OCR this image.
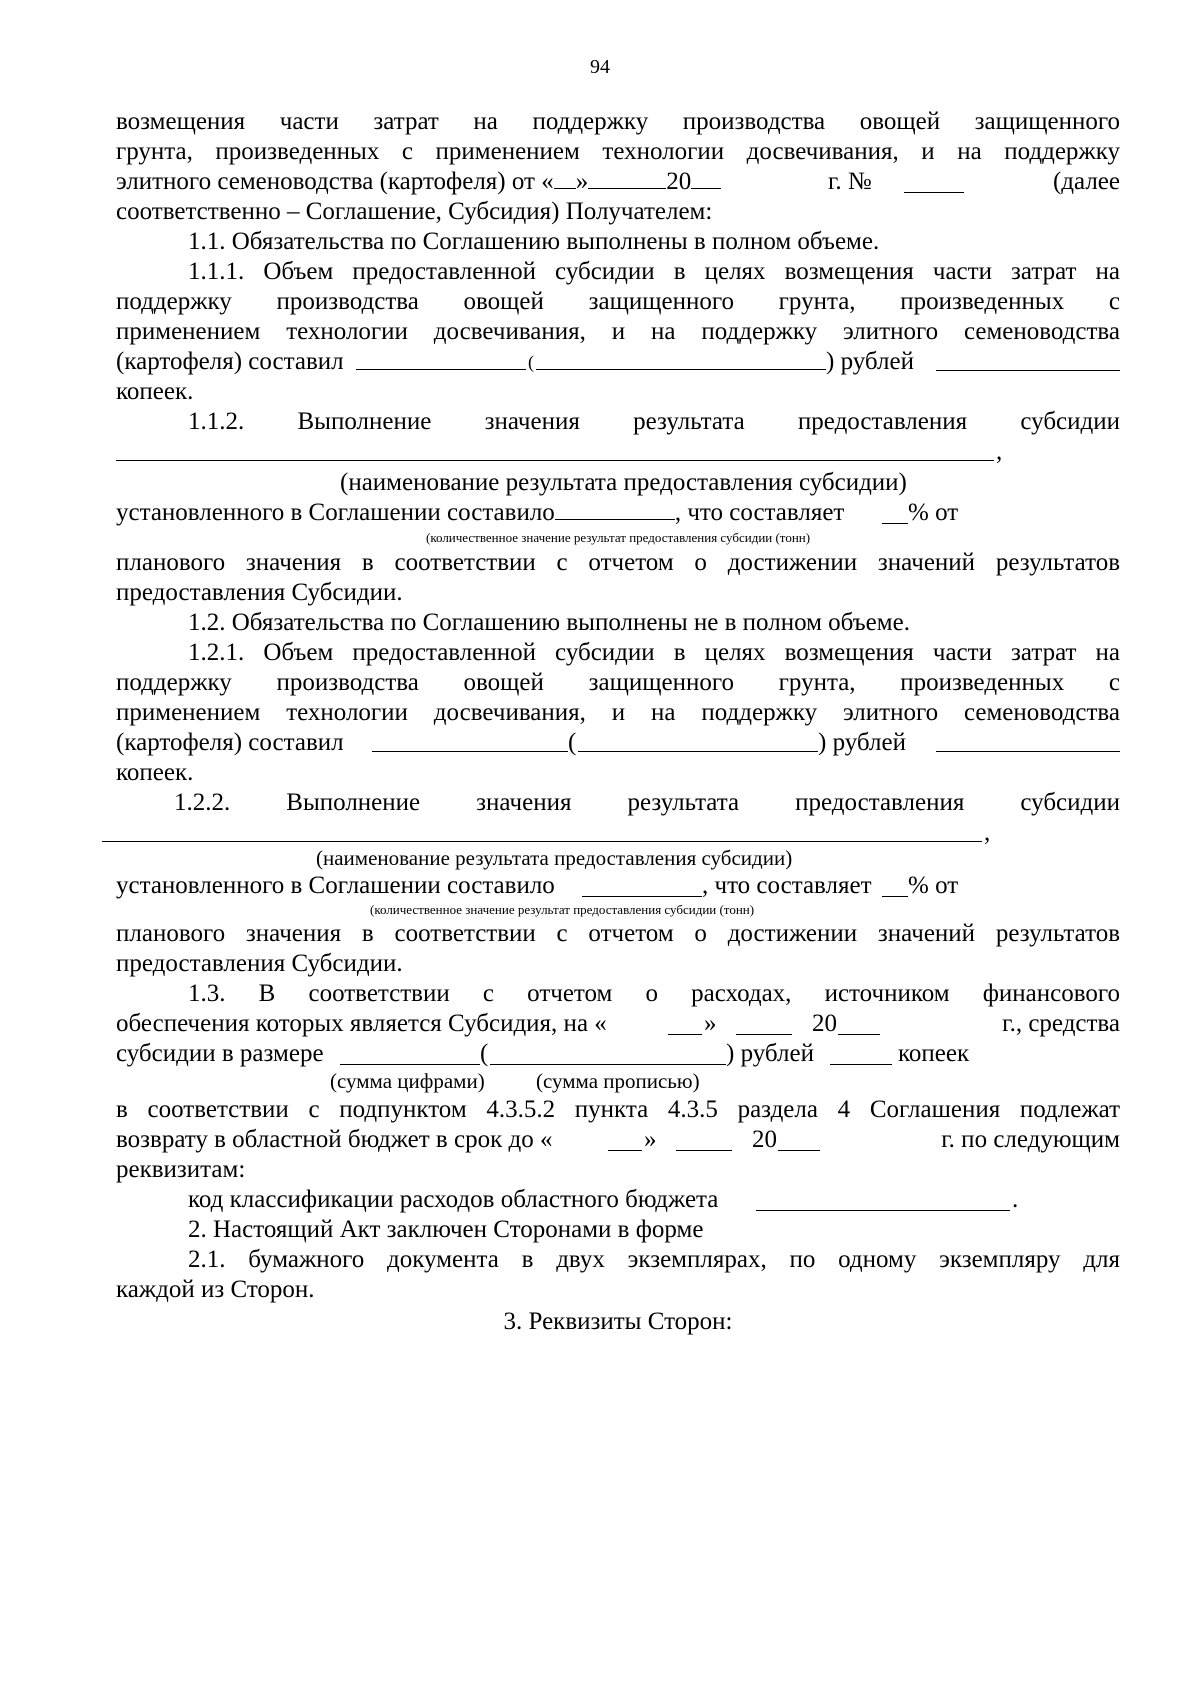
94
возмещения части затрат на поддержку производства овощей защищенного
грунта, произведенных с применением технологии досвечивания, и на поддержку
элитного семеноводства (картофеля) от « »	20	г. №	(далее
соответственно – Соглашение, Субсидия) Получателем:
1.1. Обязательства по Соглашению выполнены в полном объеме.
1.1.1. Объем предоставленной субсидии в целях возмещения части затрат на
поддержку производства овощей защищенного грунта, произведенных с
применением технологии досвечивания, и на поддержку элитного семеноводства
(картофеля) составил	(	) рублей
копеек.
1.1.2. Выполнение значения результата предоставления субсидии
,
(наименование результата предоставления субсидии)
установленного в Соглашении составило	, что составляет	% от
(количественное значение результат предоставления субсидии (тонн)
планового значения в соответствии с отчетом о достижении значений результатов
предоставления Субсидии.
1.2. Обязательства по Соглашению выполнены не в полном объеме.
1.2.1. Объем предоставленной субсидии в целях возмещения части затрат на
поддержку производства овощей защищенного грунта, произведенных с
применением технологии досвечивания, и на поддержку элитного семеноводства
(картофеля) составил	(	) рублей
копеек.
1.2.2. Выполнение значения результата предоставления субсидии
,
(наименование результата предоставления субсидии)
установленного в Соглашении составило	, что составляет % от
(количественное значение результат предоставления субсидии (тонн)
планового значения в соответствии с отчетом о достижении значений результатов
предоставления Субсидии.
1.3. В соответствии с отчетом о расходах, источником финансового
обеспечения которых является Субсидия, на «	»	20	г., средства
субсидии в размере	(	) рублей	копеек
(сумма цифрами) (сумма прописью)
в соответствии с подпунктом 4.3.5.2 пункта 4.3.5 раздела 4 Соглашения подлежат
возврату в областной бюджет в срок до «	»	20	г. по следующим
реквизитам:
код классификации расходов областного бюджета	.
2. Настоящий Акт заключен Сторонами в форме
2.1. бумажного документа в двух экземплярах, по одному экземпляру для
каждой из Сторон.
3. Реквизиты Сторон:
